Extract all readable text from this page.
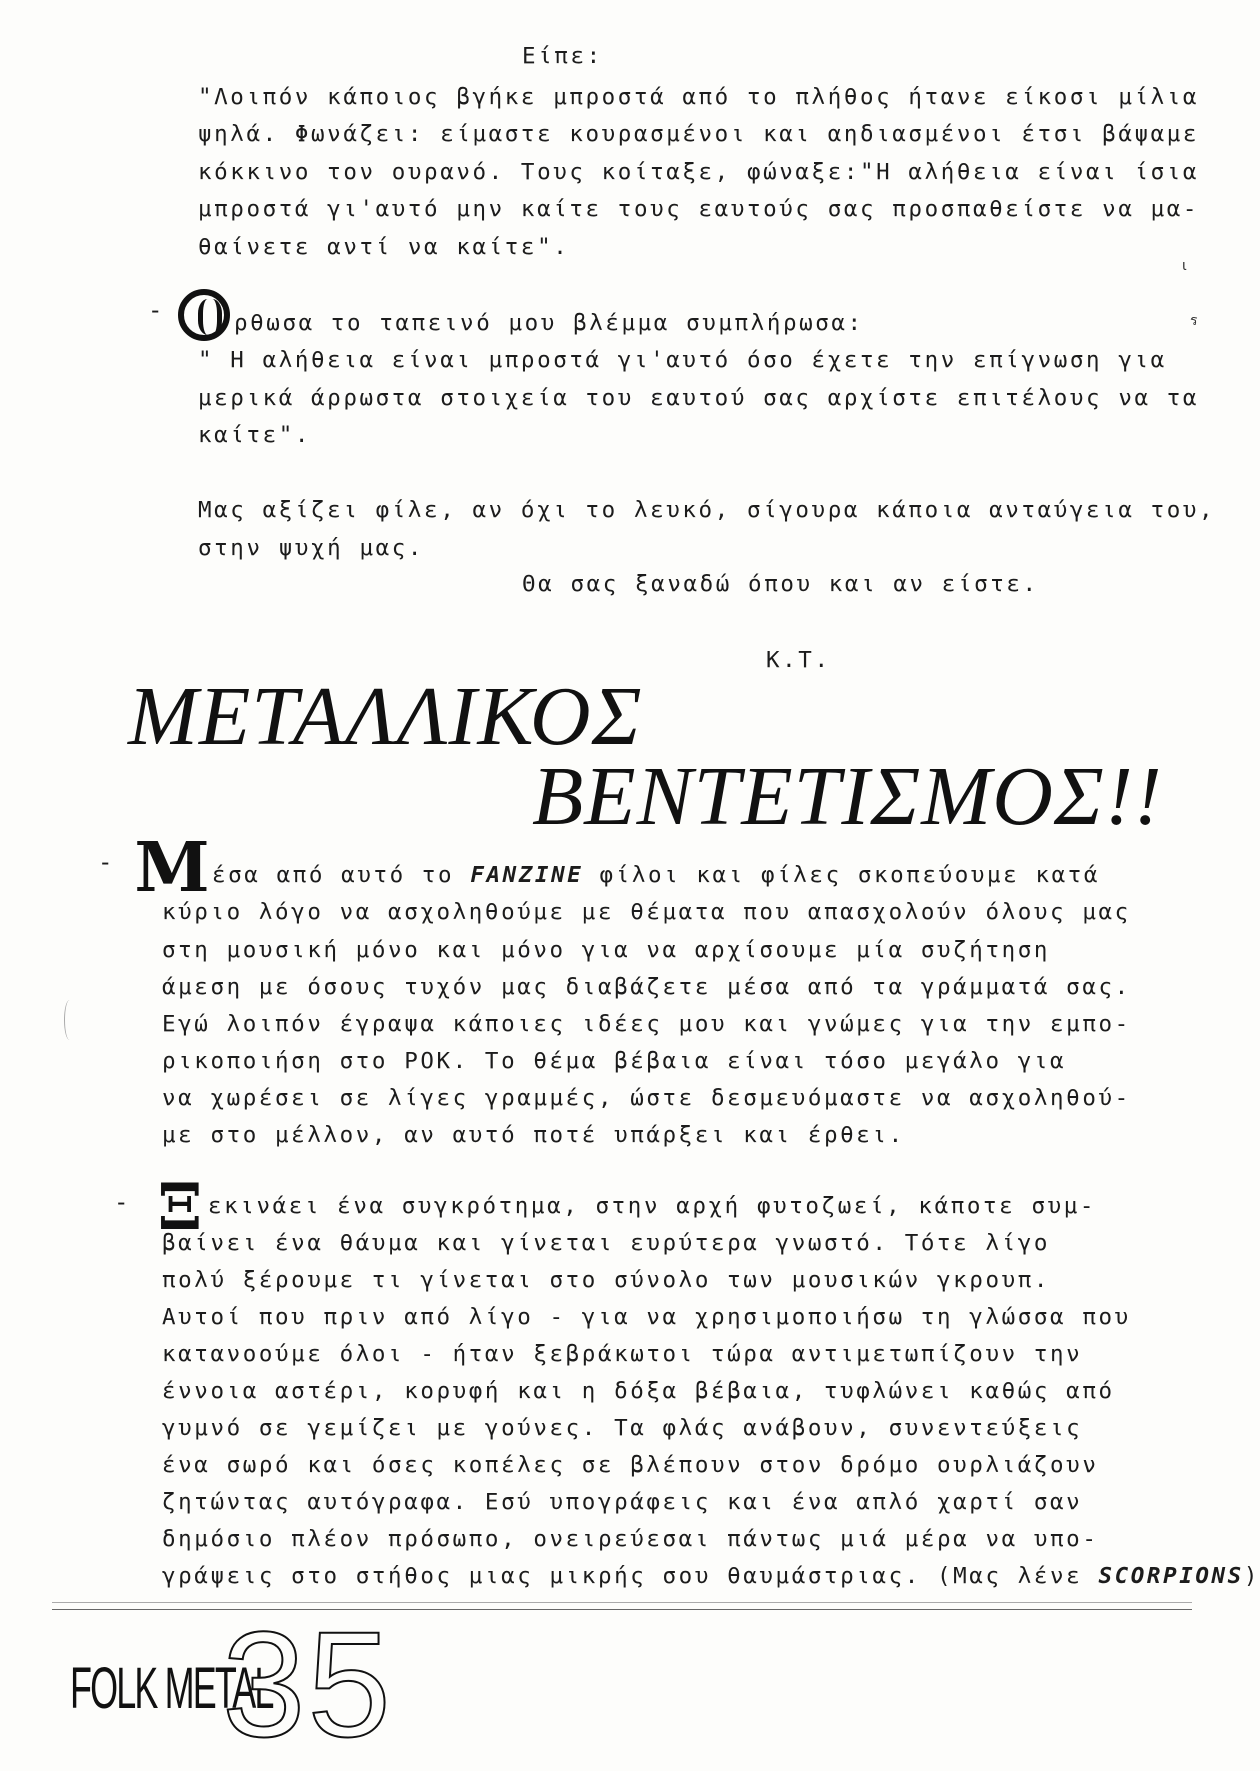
Είπε:
"Λοιπόν κάποιος βγήκε μπροστά από το πλήθος ήτανε είκοσι μίλια
ψηλά. Φωνάζει: είμαστε κουρασμένοι και αηδιασμένοι έτσι βάψαμε
κόκκινο τον ουρανό. Τους κοίταξε, φώναξε:"Η αλήθεια είναι ίσια
μπροστά γι'αυτό μην καίτε τους εαυτούς σας προσπαθείστε να μα-
θαίνετε αντί να καίτε".
ι
ร
-	ρθωσα το ταπεινό μου βλέμμα συμπλήρωσα:
" Η αλήθεια είναι μπροστά γι'αυτό όσο έχετε την επίγνωση για
μερικά άρρωστα στοιχεία του εαυτού σας αρχίστε επιτέλους να τα
καίτε".
Μας αξίζει φίλε, αν όχι το λευκό, σίγουρα κάποια ανταύγεια του,
στην ψυχή μας.
Θα σας ξαναδώ όπου και αν είστε.
Κ.Τ.
ΜΕΤΑΛΛΙΚΟΣ
ΒΕΝΤΕΤΙΣΜΟΣ!!
- Μ έσα από αυτό το FANZINE φίλοι και φίλες σκοπεύουμε κατά
κύριο λόγο να ασχοληθούμε με θέματα που απασχολούν όλους μας
στη μουσική μόνο και μόνο για να αρχίσουμε μία συζήτηση
άμεση με όσους τυχόν μας διαβάζετε μέσα από τα γράμματά σας.
Εγώ λοιπόν έγραψα κάποιες ιδέες μου και γνώμες για την εμπο-
ρικοποιήση στο ΡΟΚ. Το θέμα βέβαια είναι τόσο μεγάλο για
να χωρέσει σε λίγες γραμμές, ώστε δεσμευόμαστε να ασχοληθού-
με στο μέλλον, αν αυτό ποτέ υπάρξει και έρθει.
- Ξ εκινάει ένα συγκρότημα, στην αρχή φυτοζωεί, κάποτε συμ-
βαίνει ένα θάυμα και γίνεται ευρύτερα γνωστό. Τότε λίγο
πολύ ξέρουμε τι γίνεται στο σύνολο των μουσικών γκρουπ.
Αυτοί που πριν από λίγο - για να χρησιμοποιήσω τη γλώσσα που
κατανοούμε όλοι - ήταν ξεβράκωτοι τώρα αντιμετωπίζουν την
έννοια αστέρι, κορυφή και η δόξα βέβαια, τυφλώνει καθώς από
γυμνό σε γεμίζει με γούνες. Τα φλάς ανάβουν, συνεντεύξεις
ένα σωρό και όσες κοπέλες σε βλέπουν στον δρόμο ουρλιάζουν
ζητώντας αυτόγραφα. Εσύ υπογράφεις και ένα απλό χαρτί σαν
δημόσιο πλέον πρόσωπο, ονειρεύεσαι πάντως μιά μέρα να υπο-
γράψεις στο στήθος μιας μικρής σου θαυμάστριας. (Μας λένε SCORPIONS)
FOLK METAL
35
